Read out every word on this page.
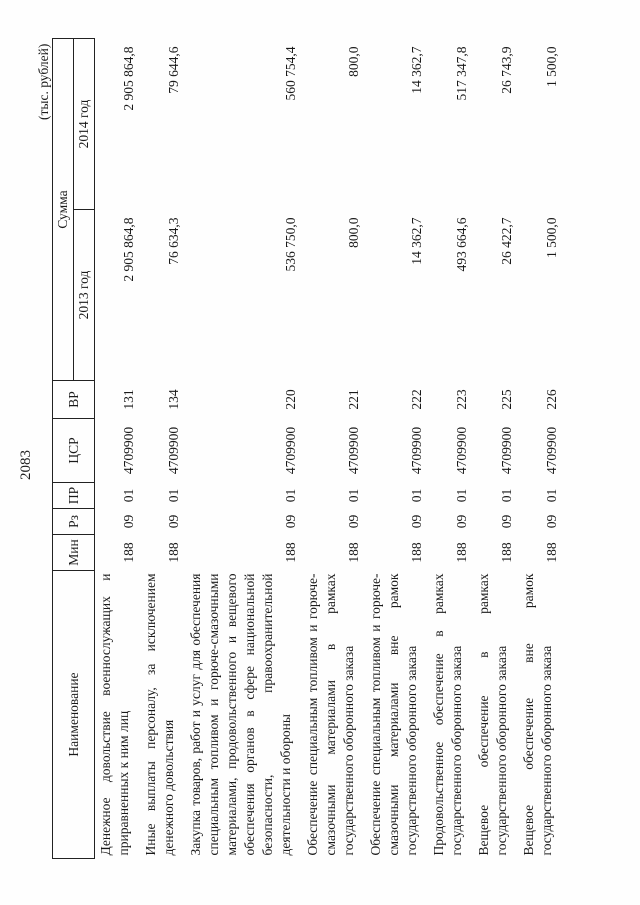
2083
(тыс. рублей)
Наименование	Мин	Рз	ПР	ЦСР	ВР	Сумма	
						2013 год	2014 год
Денежное довольствие военнослужащих и приравненных к ним лиц	188	09	01	4709900	131	2 905 864,8	2 905 864,8
Иные выплаты персоналу, за исключением денежного довольствия	188	09	01	4709900	134	76 634,3	79 644,6
Закупка товаров, работ и услуг для обеспечения специальным топливом и горюче-смазочными материалами, продовольственного и вещевого обеспечения органов в сфере национальной безопасности, правоохранительной деятельности и обороны	188	09	01	4709900	220	536 750,0	560 754,4
Обеспечение специальным топливом и горюче-смазочными материалами в рамках государственного оборонного заказа	188	09	01	4709900	221	800,0	800,0
Обеспечение специальным топливом и горюче-смазочными материалами вне рамок государственного оборонного заказа	188	09	01	4709900	222	14 362,7	14 362,7
Продовольственное обеспечение в рамках государственного оборонного заказа	188	09	01	4709900	223	493 664,6	517 347,8
Вещевое обеспечение в рамках государственного оборонного заказа	188	09	01	4709900	225	26 422,7	26 743,9
Вещевое обеспечение вне рамок государственного оборонного заказа	188	09	01	4709900	226	1 500,0	1 500,0
